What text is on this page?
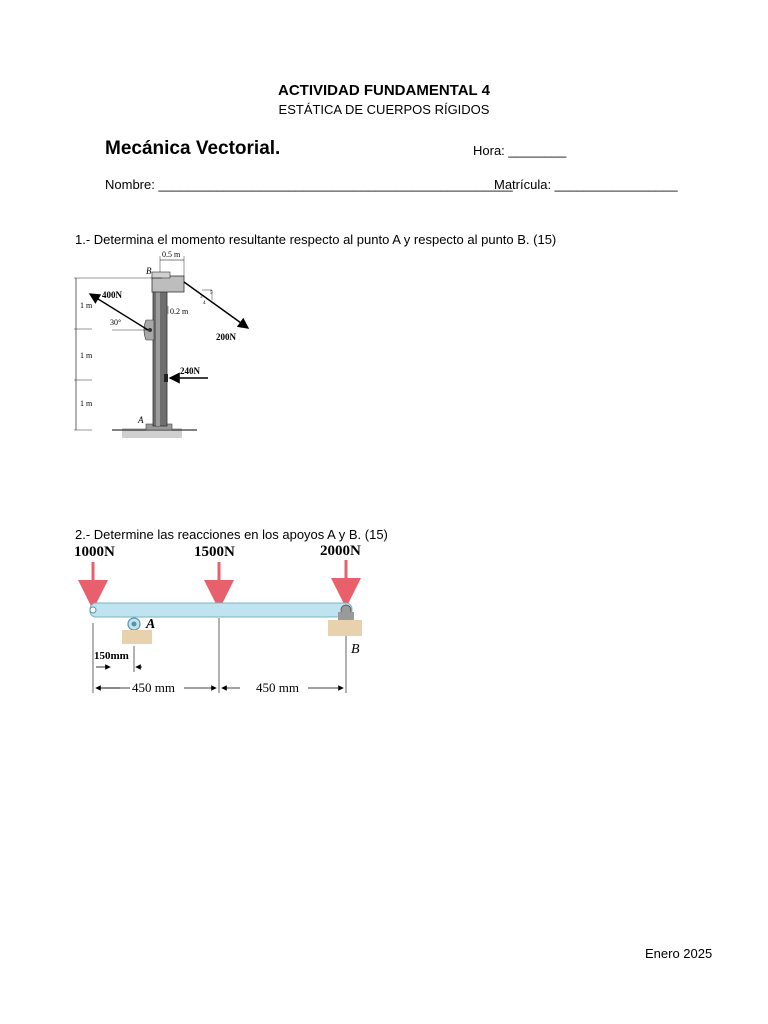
ACTIVIDAD FUNDAMENTAL 4
ESTÁTICA DE CUERPOS RÍGIDOS
Mecánica Vectorial.	Hora: ________
Nombre: _________________________________________________
Matrícula: _________________
1.- Determina el momento resultante respecto al punto A y respecto al punto B. (15)
1 m
1 m
1 m
0.5 m
B
A
0.2 m
400N
30°
200N
4
3
5
240N
2.- Determine las reacciones en los apoyos A y B. (15)
1000N	1500N	2000N
A
B
150mm
450 mm	450 mm
Enero 2025
